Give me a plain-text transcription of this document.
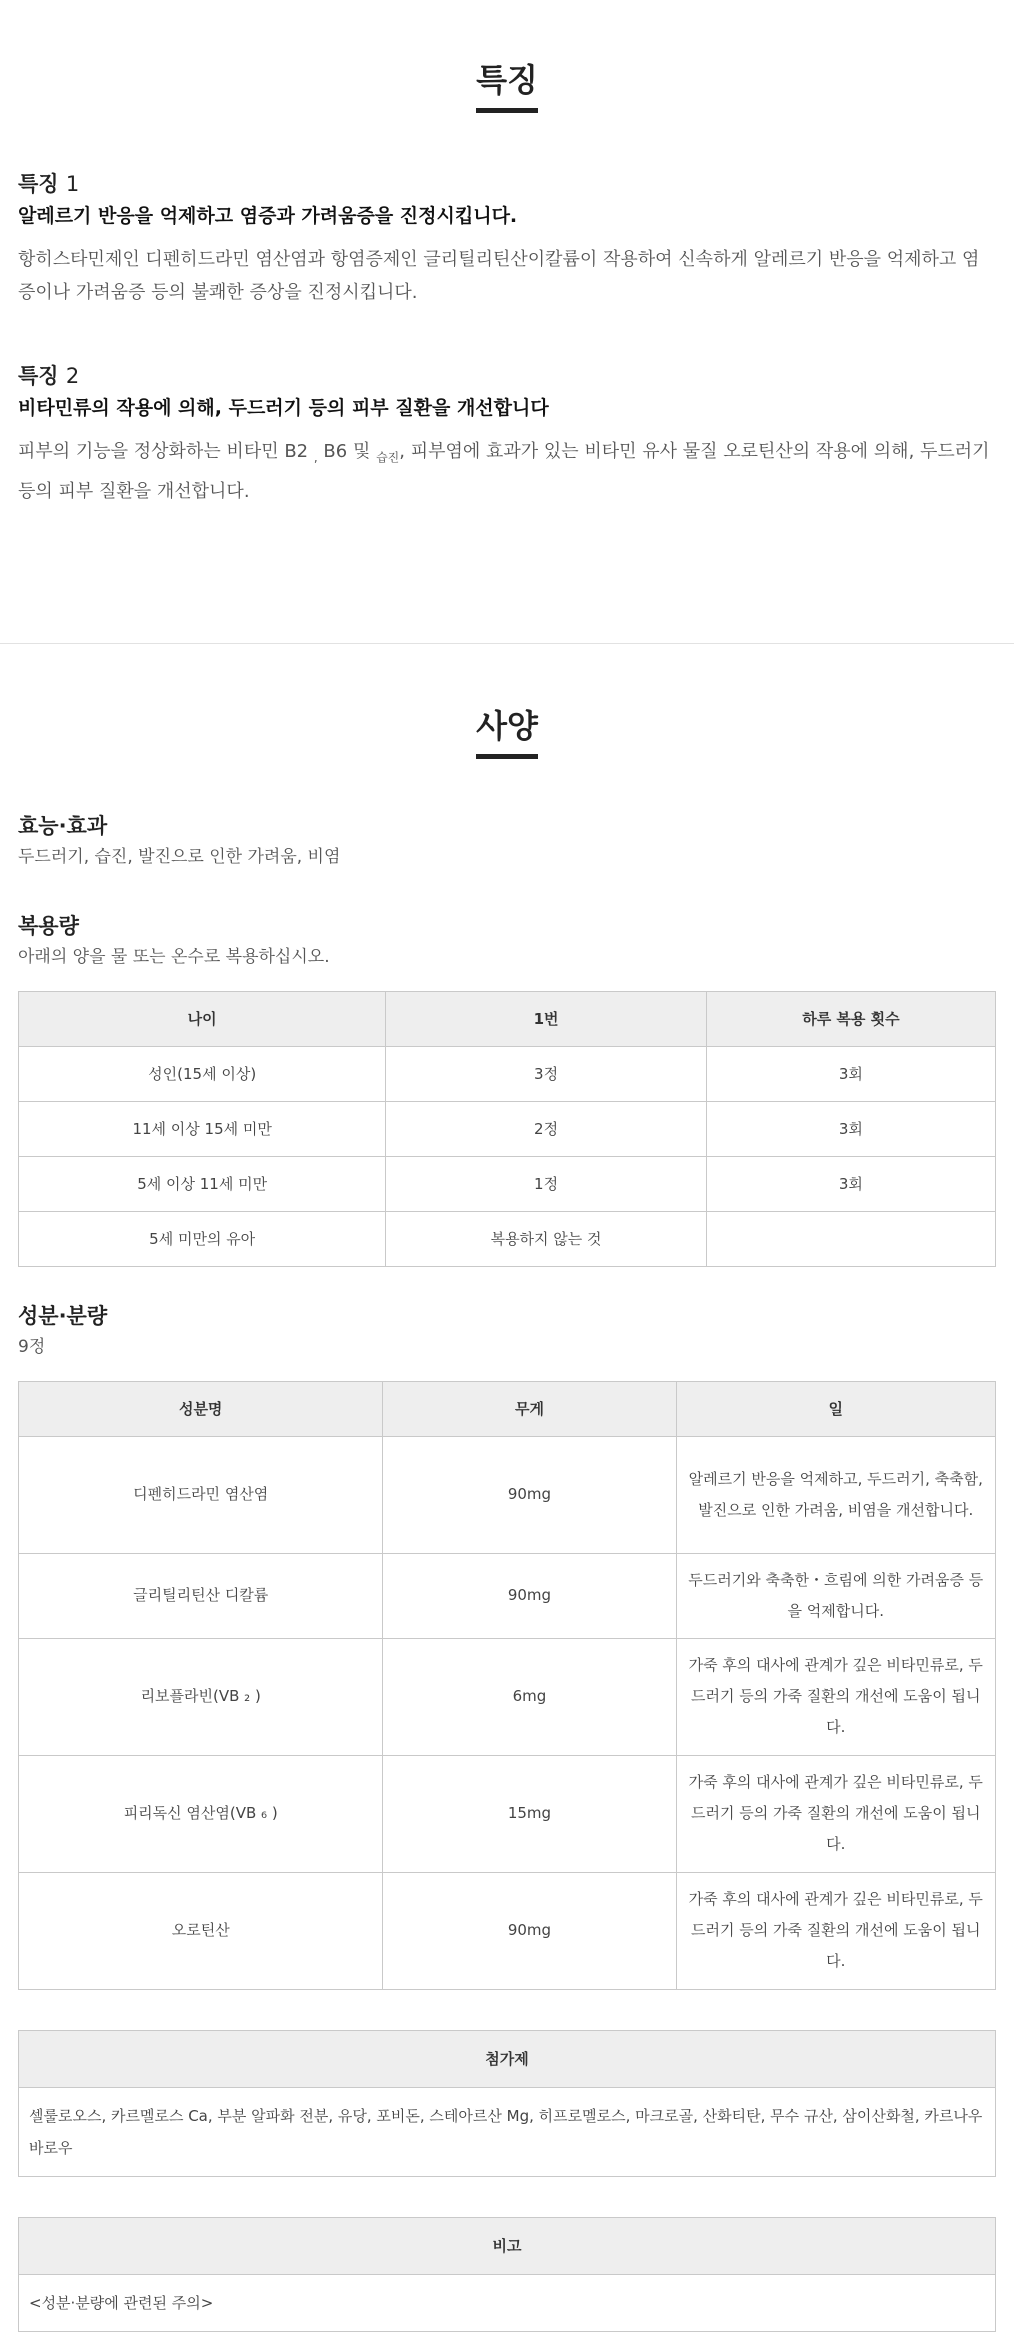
특징
특징 1
알레르기 반응을 억제하고 염증과 가려움증을 진정시킵니다.

항히스타민제인 디펜히드라민 염산염과 항염증제인 글리틸리틴산이칼륨이 작용하여 신속하게 알레르기 반응을 억제하고 염증이나 가려움증 등의 불쾌한 증상을 진정시킵니다.

특징 2
비타민류의 작용에 의해, 두드러기 등의 피부 질환을 개선합니다

피부의 기능을 정상화하는 비타민 B2 $_,$ B6 및 $_{습진}$, 피부염에 효과가 있는 비타민 유사 물질 오로틴산의 작용에 의해, 두드러기 등의 피부 질환을 개선합니다.

사양
효능·효과

두드러기, 습진, 발진으로 인한 가려움, 비염

복용량

아래의 양을 물 또는 온수로 복용하십시오.

나이	1번	하루 복용 횟수
성인(15세 이상)	3정	3회
11세 이상 15세 미만	2정	3회
5세 이상 11세 미만	1정	3회
5세 미만의 유아	복용하지 않는 것	
성분·분량

9정

성분명	무게	일
디펜히드라민 염산염	90mg	알레르기 반응을 억제하고, 두드러기, 축축함, 발진으로 인한 가려움, 비염을 개선합니다.
글리틸리틴산 디칼륨	90mg	두드러기와 축축한・흐림에 의한 가려움증 등을 억제합니다.
리보플라빈(VB ₂ )	6mg	가죽 후의 대사에 관계가 깊은 비타민류로, 두드러기 등의 가죽 질환의 개선에 도움이 됩니다.
피리독신 염산염(VB ₆ )	15mg	가죽 후의 대사에 관계가 깊은 비타민류로, 두드러기 등의 가죽 질환의 개선에 도움이 됩니다.
오로틴산	90mg	가죽 후의 대사에 관계가 깊은 비타민류로, 두드러기 등의 가죽 질환의 개선에 도움이 됩니다.
첨가제
셀룰로오스, 카르멜로스 Ca, 부분 알파화 전분, 유당, 포비돈, 스테아르산 Mg, 히프로멜로스, 마크로골, 산화티탄, 무수 규산, 삼이산화철, 카르나우바로우
비고
<성분·분량에 관련된 주의>
